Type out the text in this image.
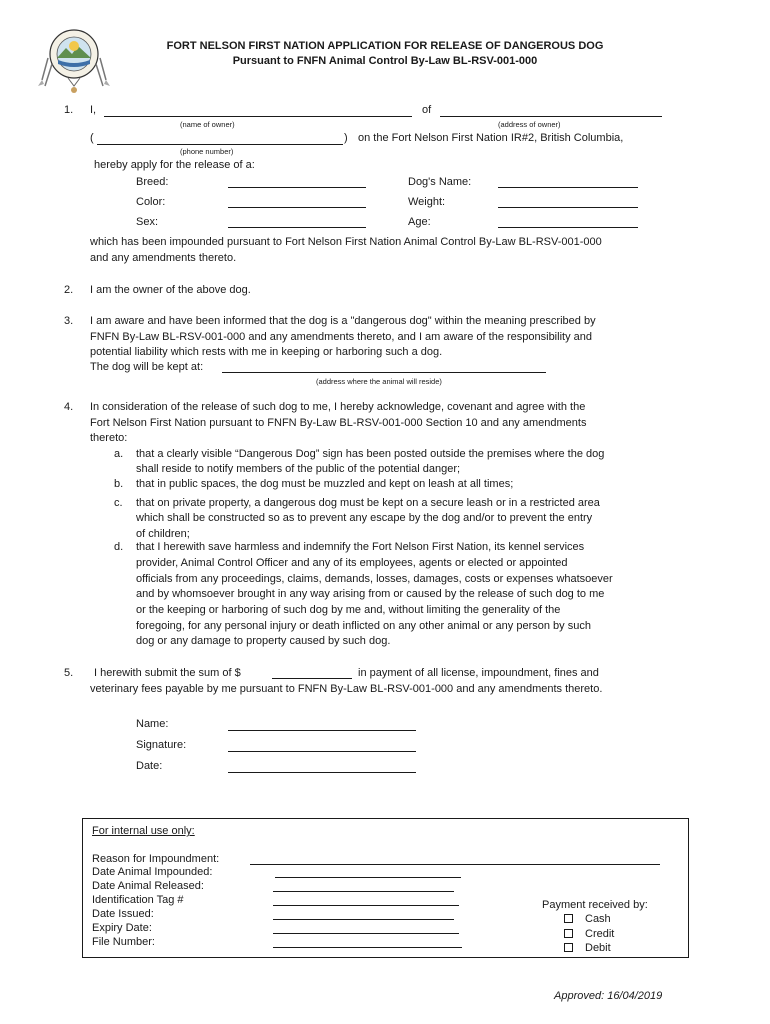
FORT NELSON FIRST NATION APPLICATION FOR RELEASE OF DANGEROUS DOG
Pursuant to FNFN Animal Control By-Law BL-RSV-001-000
1.	I,	of
(name of owner)	(address of owner)
(	) on the Fort Nelson First Nation IR#2, British Columbia,
(phone number)
hereby apply for the release of a:
Breed:	Dog's Name:
Color:	Weight:
Sex:	Age:
which has been impounded pursuant to Fort Nelson First Nation Animal Control By-Law BL-RSV-001-000
and any amendments thereto.
2.	I am the owner of the above dog.
3.	I am aware and have been informed that the dog is a "dangerous dog" within the meaning prescribed by
FNFN By-Law BL-RSV-001-000 and any amendments thereto, and I am aware of the responsibility and
potential liability which rests with me in keeping or harboring such a dog.
The dog will be kept at:
(address where the animal will reside)
4.	In consideration of the release of such dog to me, I hereby acknowledge, covenant and agree with the
Fort Nelson First Nation pursuant to FNFN By-Law BL-RSV-001-000 Section 10 and any amendments
thereto:
a. that a clearly visible “Dangerous Dog” sign has been posted outside the premises where the dog
shall reside to notify members of the public of the potential danger;
b. that in public spaces, the dog must be muzzled and kept on leash at all times;
c. that on private property, a dangerous dog must be kept on a secure leash or in a restricted area
which shall be constructed so as to prevent any escape by the dog and/or to prevent the entry
of children;
d. that I herewith save harmless and indemnify the Fort Nelson First Nation, its kennel services
provider, Animal Control Officer and any of its employees, agents or elected or appointed
officials from any proceedings, claims, demands, losses, damages, costs or expenses whatsoever
and by whomsoever brought in any way arising from or caused by the release of such dog to me
or the keeping or harboring of such dog by me and, without limiting the generality of the
foregoing, for any personal injury or death inflicted on any other animal or any person by such
dog or any damage to property caused by such dog.
5.	I herewith submit the sum of $	in payment of all license, impoundment, fines and
veterinary fees payable by me pursuant to FNFN By-Law BL-RSV-001-000 and any amendments thereto.
Name:
Signature:
Date:
For internal use only:
Reason for Impoundment:
Date Animal Impounded:
Date Animal Released:
Identification Tag #
Date Issued:
Expiry Date:
File Number:
Payment received by:
Cash
Credit
Debit
Approved: 16/04/2019
